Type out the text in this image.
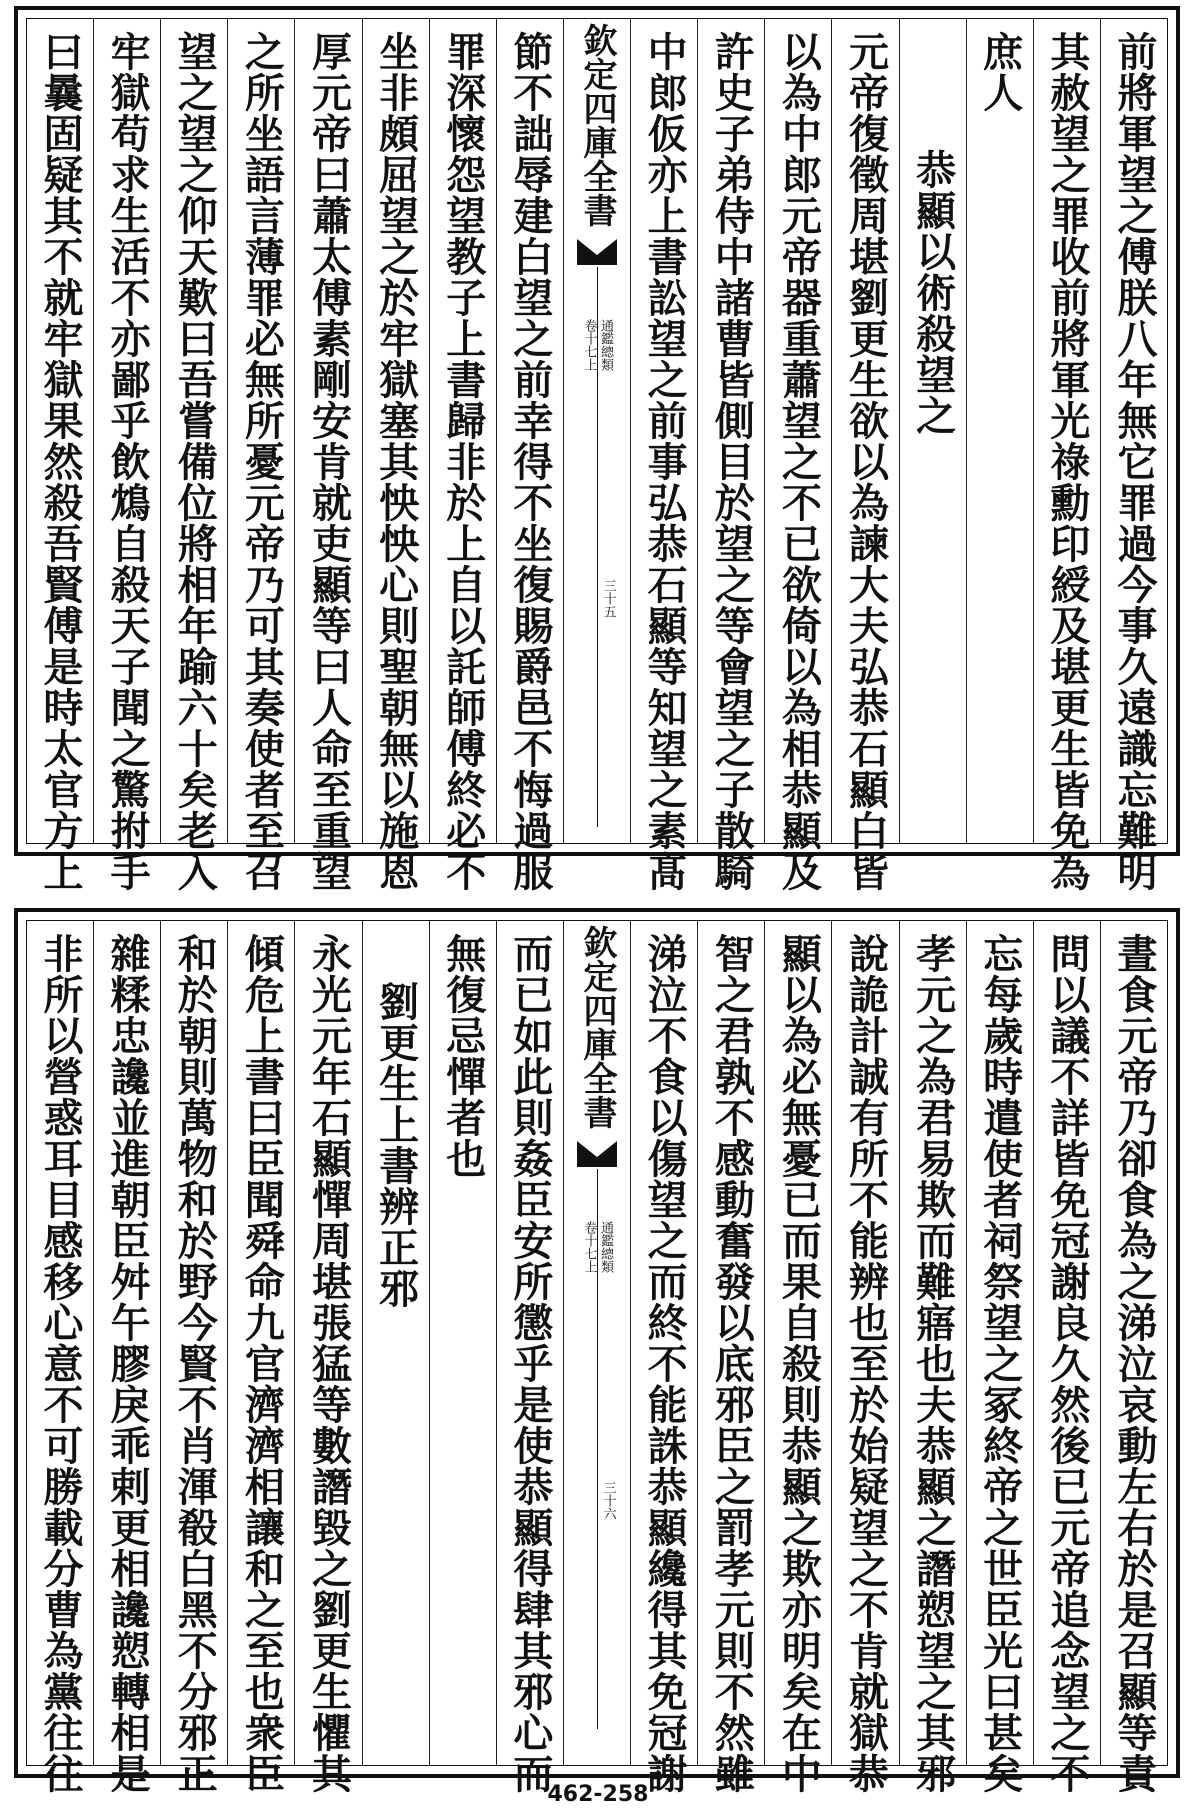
前將軍望之傅朕八年無它罪過今事久遠識忘難明
其赦望之罪收前將軍光祿勳印綬及堪更生皆免為
庶人
恭顯以術殺望之
元帝復徵周堪劉更生欲以為諫大夫弘恭石顯白皆
以為中郎元帝器重蕭望之不已欲倚以為相恭顯及
許史子弟侍中諸曹皆側目於望之等會望之子散騎
中郎仮亦上書訟望之前事弘恭石顯等知望之素髙
欽定四庫全書
卷十七上 通鑑總類
三十五
節不詘辱建白望之前幸得不坐復賜爵邑不悔過服
罪深懷怨望教子上書歸非於上自以託師傅終必不
坐非頗屈望之於牢獄塞其怏怏心則聖朝無以施恩
厚元帝曰蕭太傅素剛安肯就吏顯等曰人命至重望
之所坐語言薄罪必無所憂元帝乃可其奏使者至召
望之望之仰天歎曰吾嘗備位將相年踰六十矣老入
牢獄苟求生活不亦鄙乎飲鴆自殺天子聞之驚拊手
曰曩固疑其不就牢獄果然殺吾賢傅是時太官方上
晝食元帝乃卻食為之涕泣哀動左右於是召顯等責
問以議不詳皆免冠謝良久然後已元帝追念望之不
忘每歲時遣使者祠祭望之冢終帝之世臣光曰甚矣
孝元之為君易欺而難寤也夫恭顯之譖愬望之其邪
說詭計誠有所不能辨也至於始疑望之不肯就獄恭
顯以為必無憂已而果自殺則恭顯之欺亦明矣在中
智之君孰不感動奮發以底邪臣之罰孝元則不然雖
涕泣不食以傷望之而終不能誅恭顯纔得其免冠謝
欽定四庫全書
卷十七上 通鑑總類
三十六
而已如此則姦臣安所懲乎是使恭顯得肆其邪心而
無復忌憚者也
劉更生上書辨正邪
永光元年石顯憚周堪張猛等數譖毀之劉更生懼其
傾危上書曰臣聞舜命九官濟濟相讓和之至也衆臣
和於朝則萬物和於野今賢不肖渾殽白黑不分邪正
雜糅忠讒並進朝臣舛午膠戾乖剌更相讒愬轉相是
非所以營惑耳目感移心意不可勝載分曹為黨往往
462-258
